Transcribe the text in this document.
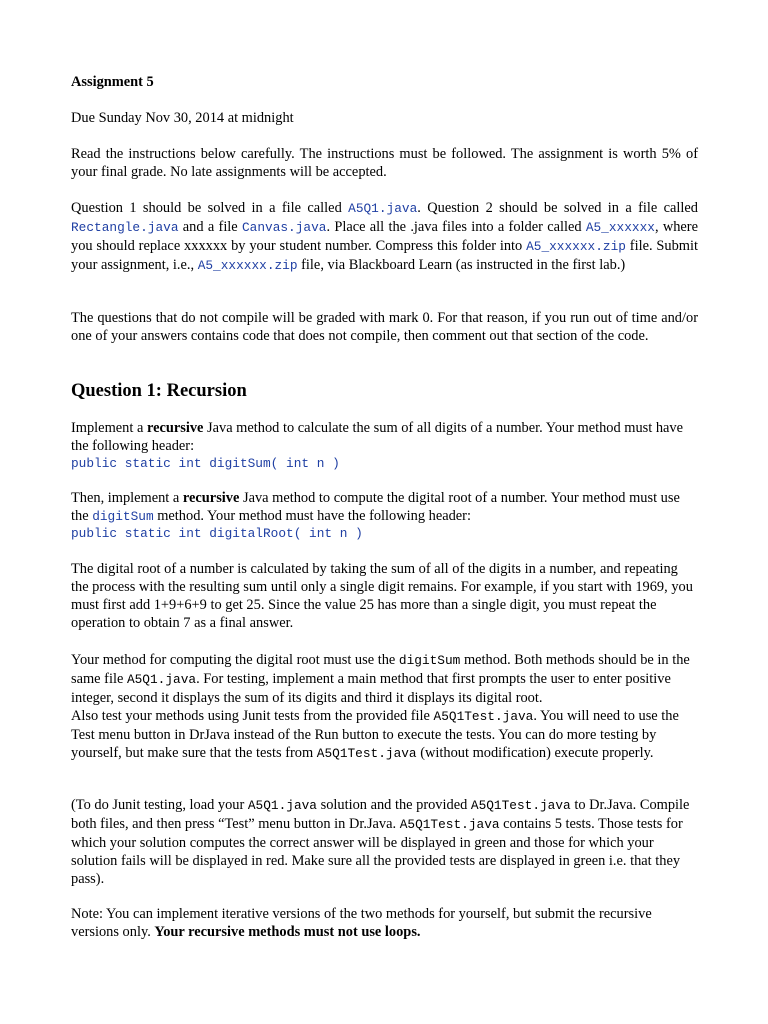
Assignment 5
Due Sunday Nov 30, 2014 at midnight
Read the instructions below carefully. The instructions must be followed. The assignment is worth 5% of your final grade. No late assignments will be accepted.
Question 1 should be solved in a file called A5Q1.java. Question 2 should be solved in a file called Rectangle.java and a file Canvas.java. Place all the .java files into a folder called A5_xxxxxx, where you should replace xxxxxx by your student number. Compress this folder into A5_xxxxxx.zip file. Submit your assignment, i.e., A5_xxxxxx.zip file, via Blackboard Learn (as instructed in the first lab.)
The questions that do not compile will be graded with mark 0. For that reason, if you run out of time and/or one of your answers contains code that does not compile, then comment out that section of the code.
Question 1: Recursion
Implement a recursive Java method to calculate the sum of all digits of a number. Your method must have the following header:
public static int digitSum( int n )
Then, implement a recursive Java method to compute the digital root of a number. Your method must use the digitSum method. Your method must have the following header:
public static int digitalRoot( int n )
The digital root of a number is calculated by taking the sum of all of the digits in a number, and repeating the process with the resulting sum until only a single digit remains. For example, if you start with 1969, you must first add 1+9+6+9 to get 25. Since the value 25 has more than a single digit, you must repeat the operation to obtain 7 as a final answer.
Your method for computing the digital root must use the digitSum method. Both methods should be in the same file A5Q1.java. For testing, implement a main method that first prompts the user to enter positive integer, second it displays the sum of its digits and third it displays its digital root.
Also test your methods using Junit tests from the provided file A5Q1Test.java. You will need to use the Test menu button in DrJava instead of the Run button to execute the tests. You can do more testing by yourself, but make sure that the tests from A5Q1Test.java (without modification) execute properly.
(To do Junit testing, load your A5Q1.java solution and the provided A5Q1Test.java to Dr.Java. Compile both files, and then press “Test” menu button in Dr.Java. A5Q1Test.java contains 5 tests. Those tests for which your solution computes the correct answer will be displayed in green and those for which your solution fails will be displayed in red. Make sure all the provided tests are displayed in green i.e. that they pass).
Note: You can implement iterative versions of the two methods for yourself, but submit the recursive versions only. Your recursive methods must not use loops.
